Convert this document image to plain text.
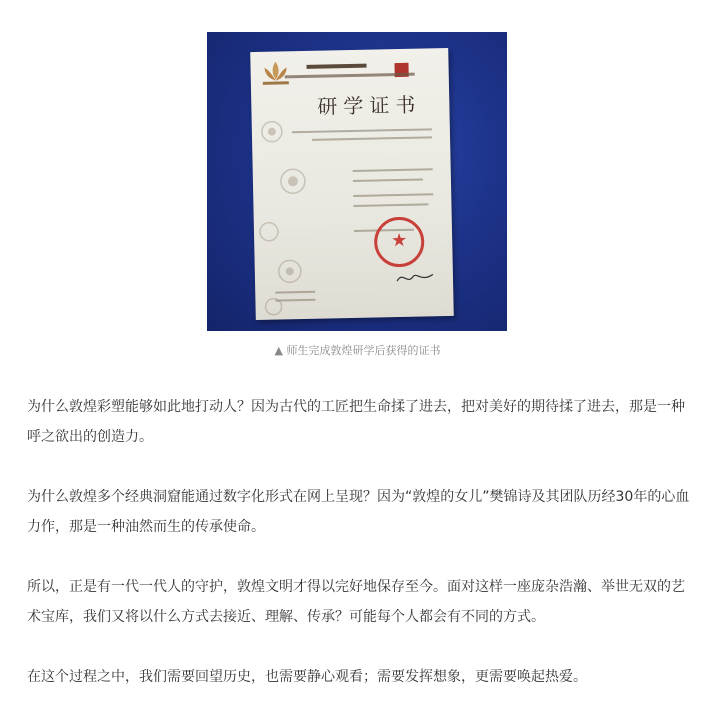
研学证书
★
▲ 师生完成敦煌研学后获得的证书

为什么敦煌彩塑能够如此地打动人？因为古代的工匠把生命揉了进去，把对美好的期待揉了进去，那是一种呼之欲出的创造力。

为什么敦煌多个经典洞窟能通过数字化形式在网上呈现？因为“敦煌的女儿”樊锦诗及其团队历经30年的心血力作，那是一种油然而生的传承使命。

所以，正是有一代一代人的守护，敦煌文明才得以完好地保存至今。面对这样一座庞杂浩瀚、举世无双的艺术宝库，我们又将以什么方式去接近、理解、传承？可能每个人都会有不同的方式。

在这个过程之中，我们需要回望历史，也需要静心观看；需要发挥想象，更需要唤起热爱。
